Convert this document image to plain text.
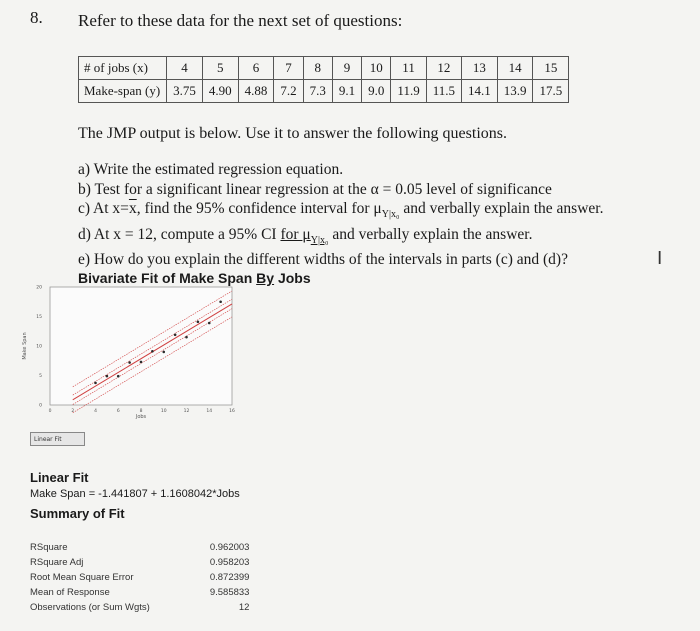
8. Refer to these data for the next set of questions:
# of jobs (x)	4	5	6	7	8	9	10	11	12	13	14	15
Make-span (y)	3.75	4.90	4.88	7.2	7.3	9.1	9.0	11.9	11.5	14.1	13.9	17.5
The JMP output is below. Use it to answer the following questions.
a) Write the estimated regression equation.
b) Test for a significant linear regression at the α = 0.05 level of significance
c) At $x=\overline{x}$, find the 95% confidence interval for $\mu_{Y|x_0}$ and verbally explain the answer.
d) At x = 12, compute a 95% CI for $\mu_{Y|x_0}$ and verbally explain the answer.
e) How do you explain the different widths of the intervals in parts (c) and (d)?
Bivariate Fit of Make Span By Jobs
I
0	2	4	6	8	10	12	14	16
0
5
10
15
20
Jobs
Make Span
Linear Fit
Linear Fit
Make Span = -1.441807 + 1.1608042*Jobs
Summary of Fit
RSquare	0.962003
RSquare Adj	0.958203
Root Mean Square Error	0.872399
Mean of Response	9.585833
Observations (or Sum Wgts)	12
